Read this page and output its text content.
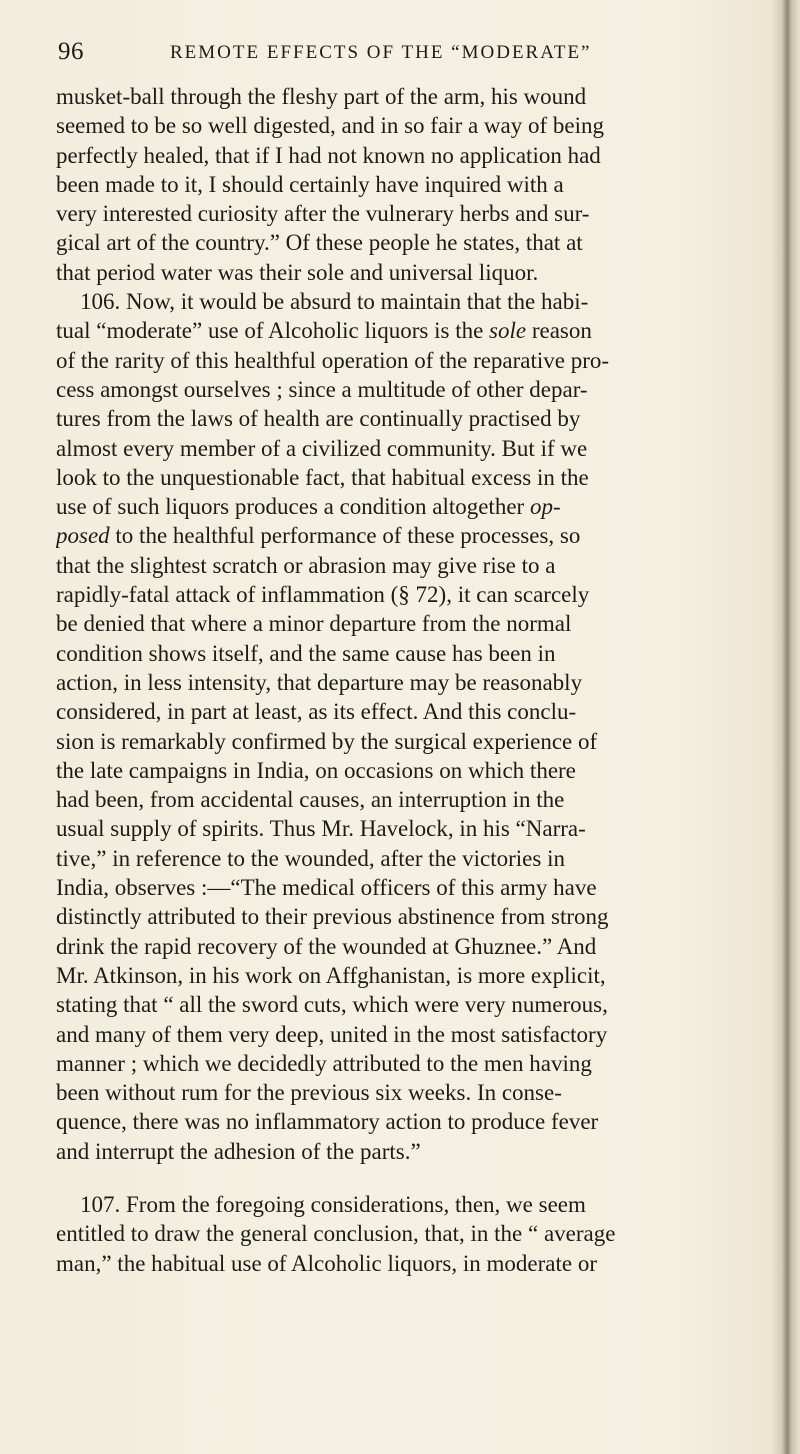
96	REMOTE EFFECTS OF THE “MODERATE”
musket-ball through the fleshy part of the arm, his wound
seemed to be so well digested, and in so fair a way of being
perfectly healed, that if I had not known no application had
been made to it, I should certainly have inquired with a
very interested curiosity after the vulnerary herbs and sur-
gical art of the country.” Of these people he states, that at
that period water was their sole and universal liquor.
106. Now, it would be absurd to maintain that the habi-
tual “moderate” use of Alcoholic liquors is the sole reason
of the rarity of this healthful operation of the reparative pro-
cess amongst ourselves ; since a multitude of other depar-
tures from the laws of health are continually practised by
almost every member of a civilized community. But if we
look to the unquestionable fact, that habitual excess in the
use of such liquors produces a condition altogether op-
posed to the healthful performance of these processes, so
that the slightest scratch or abrasion may give rise to a
rapidly-fatal attack of inflammation (§ 72), it can scarcely
be denied that where a minor departure from the normal
condition shows itself, and the same cause has been in
action, in less intensity, that departure may be reasonably
considered, in part at least, as its effect. And this conclu-
sion is remarkably confirmed by the surgical experience of
the late campaigns in India, on occasions on which there
had been, from accidental causes, an interruption in the
usual supply of spirits. Thus Mr. Havelock, in his “Narra-
tive,” in reference to the wounded, after the victories in
India, observes :—“The medical officers of this army have
distinctly attributed to their previous abstinence from strong
drink the rapid recovery of the wounded at Ghuznee.” And
Mr. Atkinson, in his work on Affghanistan, is more explicit,
stating that “ all the sword cuts, which were very numerous,
and many of them very deep, united in the most satisfactory
manner ; which we decidedly attributed to the men having
been without rum for the previous six weeks. In conse-
quence, there was no inflammatory action to produce fever
and interrupt the adhesion of the parts.”
107. From the foregoing considerations, then, we seem
entitled to draw the general conclusion, that, in the “ average
man,” the habitual use of Alcoholic liquors, in moderate or
